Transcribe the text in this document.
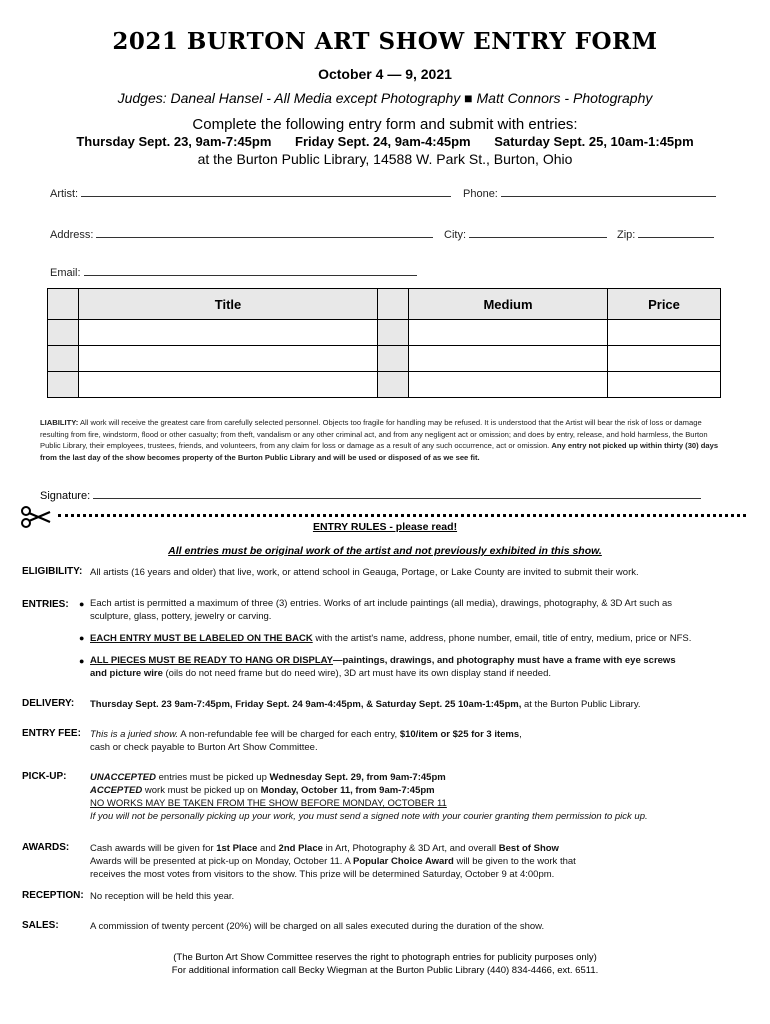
2021 BURTON ART SHOW ENTRY FORM
October 4 — 9, 2021
Judges: Daneal Hansel - All Media except Photography ■ Matt Connors - Photography
Complete the following entry form and submit with entries:
Thursday Sept. 23, 9am-7:45pm Friday Sept. 24, 9am-4:45pm Saturday Sept. 25, 10am-1:45pm
at the Burton Public Library, 14588 W. Park St., Burton, Ohio
Artist:	Phone:
Address:	City:	Zip:
Email:
	Title		Medium	Price

LIABILITY: All work will receive the greatest care from carefully selected personnel. Objects too fragile for handling may be refused. It is understood that the Artist will bear the risk of loss or damage resulting from fire, windstorm, flood or other casualty; from theft, vandalism or any other criminal act, and from any negligent act or omission; and does by entry, release, and hold harmless, the Burton Public Library, their employees, trustees, friends, and volunteers, from any claim for loss or damage as a result of any such occurrence, act or omission. Any entry not picked up within thirty (30) days from the last day of the show becomes property of the Burton Public Library and will be used or disposed of as we see fit.
Signature:
ENTRY RULES - please read!
All entries must be original work of the artist and not previously exhibited in this show.
ELIGIBILITY: All artists (16 years and older) that live, work, or attend school in Geauga, Portage, or Lake County are invited to submit their work.
ENTRIES: ● Each artist is permitted a maximum of three (3) entries. Works of art include paintings (all media), drawings, photography, & 3D Art such as
sculpture, glass, pottery, jewelry or carving.
● EACH ENTRY MUST BE LABELED ON THE BACK with the artist's name, address, phone number, email, title of entry, medium, price or NFS.
● ALL PIECES MUST BE READY TO HANG OR DISPLAY—paintings, drawings, and photography must have a frame with eye screws
and picture wire (oils do not need frame but do need wire), 3D art must have its own display stand if needed.
DELIVERY: Thursday Sept. 23 9am-7:45pm, Friday Sept. 24 9am-4:45pm, & Saturday Sept. 25 10am-1:45pm, at the Burton Public Library.
ENTRY FEE: This is a juried show. A non-refundable fee will be charged for each entry, $10/item or $25 for 3 items,
cash or check payable to Burton Art Show Committee.
PICK-UP: UNACCEPTED entries must be picked up Wednesday Sept. 29, from 9am-7:45pm
ACCEPTED work must be picked up on Monday, October 11, from 9am-7:45pm
NO WORKS MAY BE TAKEN FROM THE SHOW BEFORE MONDAY, OCTOBER 11
If you will not be personally picking up your work, you must send a signed note with your courier granting them permission to pick up.
AWARDS: Cash awards will be given for 1st Place and 2nd Place in Art, Photography & 3D Art, and overall Best of Show
Awards will be presented at pick-up on Monday, October 11. A Popular Choice Award will be given to the work that
receives the most votes from visitors to the show. This prize will be determined Saturday, October 9 at 4:00pm.
RECEPTION: No reception will be held this year.
SALES:	A commission of twenty percent (20%) will be charged on all sales executed during the duration of the show.
(The Burton Art Show Committee reserves the right to photograph entries for publicity purposes only)
For additional information call Becky Wiegman at the Burton Public Library (440) 834-4466, ext. 6511.
